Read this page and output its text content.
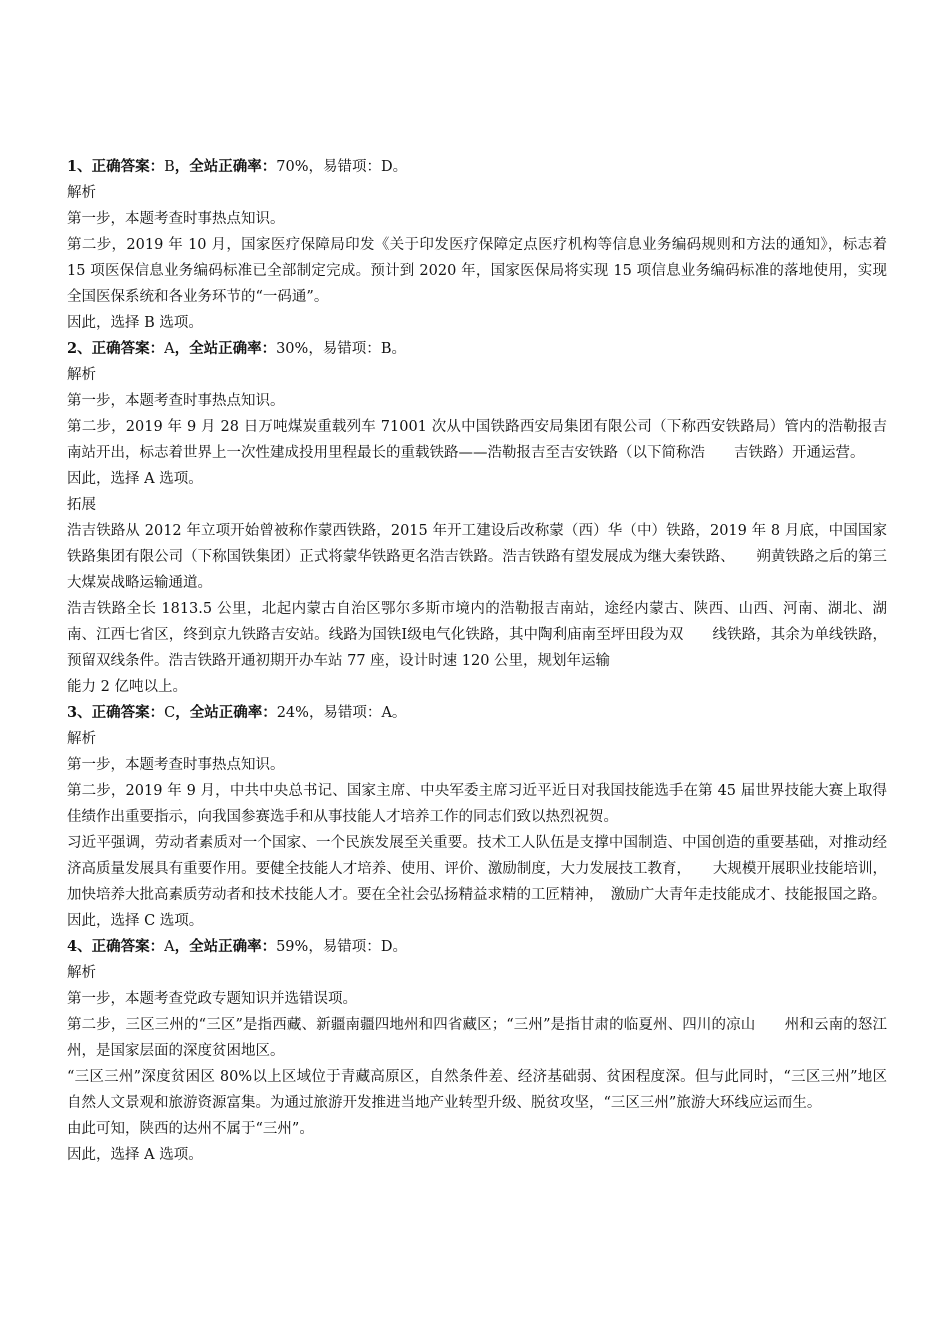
1、正确答案：B，全站正确率：70%，易错项：D。

解析

第一步，本题考查时事热点知识。

第二步，2019 年 10 月，国家医疗保障局印发《关于印发医疗保障定点医疗机构等信息业务编码规则和方法的通知》，标志着 15 项医保信息业务编码标准已全部制定完成。预计到 2020 年，国家医保局将实现 15 项信息业务编码标准的落地使用，实现全国医保系统和各业务环节的“一码通”。

因此，选择 B 选项。

2、正确答案：A，全站正确率：30%，易错项：B。

解析

第一步，本题考查时事热点知识。

第二步，2019 年 9 月 28 日万吨煤炭重载列车 71001 次从中国铁路西安局集团有限公司（下称西安铁路局）管内的浩勒报吉南站开出，标志着世界上一次性建成投用里程最长的重载铁路——浩勒报吉至吉安铁路（以下简称浩　　吉铁路）开通运营。

因此，选择 A 选项。

拓展

浩吉铁路从 2012 年立项开始曾被称作蒙西铁路，2015 年开工建设后改称蒙（西）华（中）铁路，2019 年 8 月底，中国国家铁路集团有限公司（下称国铁集团）正式将蒙华铁路更名浩吉铁路。浩吉铁路有望发展成为继大秦铁路、　　朔黄铁路之后的第三大煤炭战略运输通道。

浩吉铁路全长 1813.5 公里，北起内蒙古自治区鄂尔多斯市境内的浩勒报吉南站，途经内蒙古、陕西、山西、河南、湖北、湖南、江西七省区，终到京九铁路吉安站。线路为国铁Ⅰ级电气化铁路，其中陶利庙南至坪田段为双　　线铁路，其余为单线铁路，预留双线条件。浩吉铁路开通初期开办车站 77 座，设计时速 120 公里，规划年运输

能力 2 亿吨以上。

3、正确答案：C，全站正确率：24%，易错项：A。

解析

第一步，本题考查时事热点知识。

第二步，2019 年 9 月，中共中央总书记、国家主席、中央军委主席习近平近日对我国技能选手在第 45 届世界技能大赛上取得佳绩作出重要指示，向我国参赛选手和从事技能人才培养工作的同志们致以热烈祝贺。

习近平强调，劳动者素质对一个国家、一个民族发展至关重要。技术工人队伍是支撑中国制造、中国创造的重要基础，对推动经济高质量发展具有重要作用。要健全技能人才培养、使用、评价、激励制度，大力发展技工教育，　　大规模开展职业技能培训，加快培养大批高素质劳动者和技术技能人才。要在全社会弘扬精益求精的工匠精神，　激励广大青年走技能成才、技能报国之路。

因此，选择 C 选项。

4、正确答案：A，全站正确率：59%，易错项：D。

解析

第一步，本题考查党政专题知识并选错误项。

第二步，三区三州的“三区”是指西藏、新疆南疆四地州和四省藏区；“三州”是指甘肃的临夏州、四川的凉山　　州和云南的怒江州，是国家层面的深度贫困地区。

“三区三州”深度贫困区 80%以上区域位于青藏高原区，自然条件差、经济基础弱、贫困程度深。但与此同时，“三区三州”地区自然人文景观和旅游资源富集。为通过旅游开发推进当地产业转型升级、脱贫攻坚，“三区三州”旅游大环线应运而生。

由此可知，陕西的达州不属于“三州”。

因此，选择 A 选项。
